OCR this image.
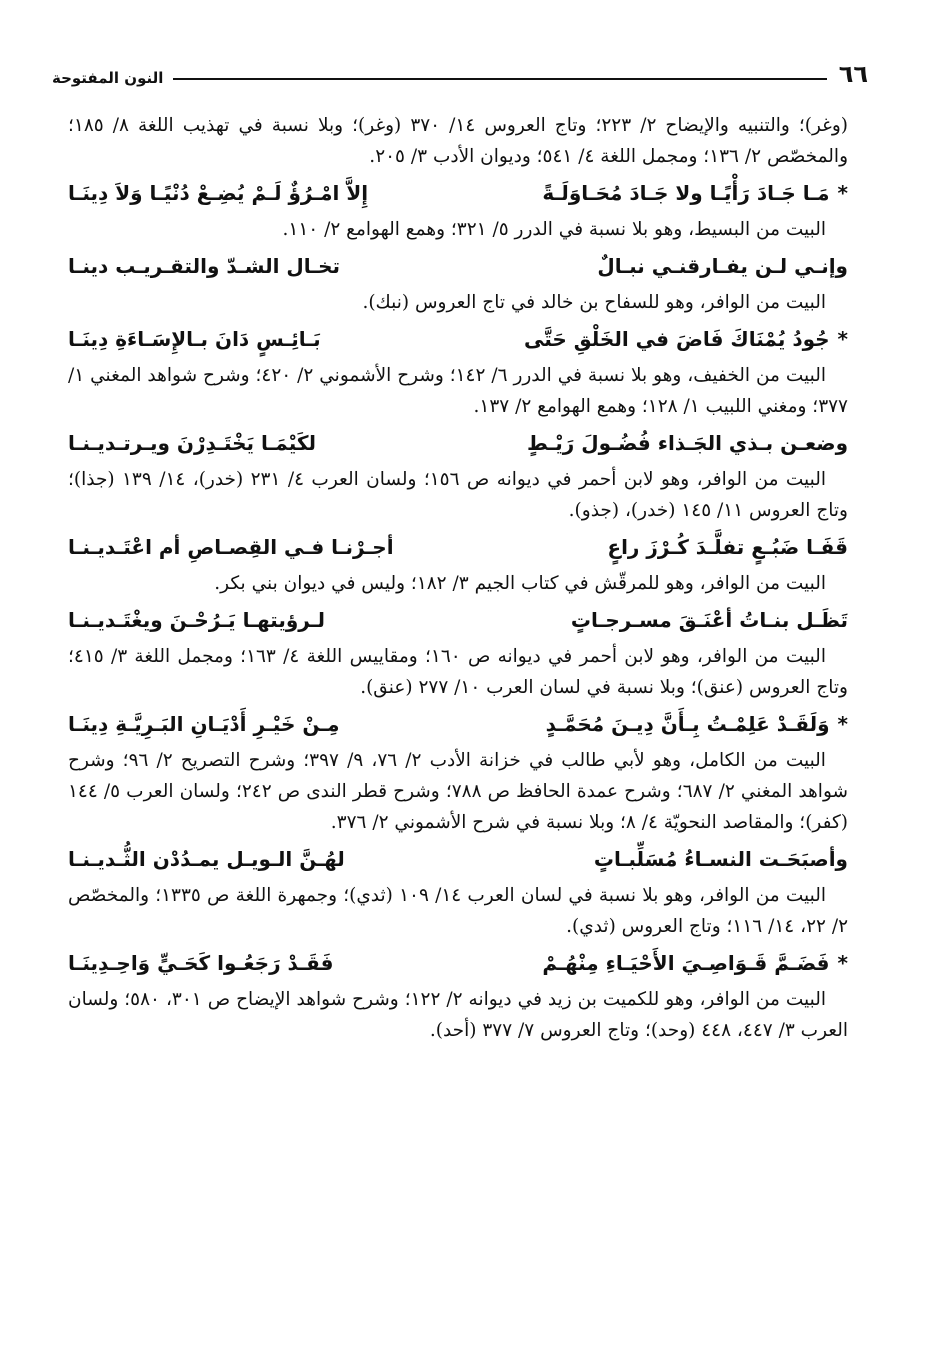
٦٦
النون المفتوحة

(وغر)؛ والتنبيه والإيضاح ٢/ ٢٢٣؛ وتاج العروس ١٤/ ٣٧٠ (وغر)؛ وبلا نسبة في تهذيب اللغة ٨/ ١٨٥؛ والمخصّص ٢/ ١٣٦؛ ومجمل اللغة ٤/ ٥٤١؛ وديوان الأدب ٣/ ٢٠٥.

*
مَـا جَـادَ رَأْيًـا ولا جَـادَ مُحَـاوَلَـةً
إِلاَّ امْـرُؤٌ لَـمْ يُضِـعْ دُنْيًـا وَلاَ دِينَـا

البيت من البسيط، وهو بلا نسبة في الدرر ٥/ ٣٢١؛ وهمع الهوامع ٢/ ١١٠.

وإنـي لـن يفـارقنـي نبـالٌ
تخـال الشـدّ والتقـريـب دينـا

البيت من الوافر، وهو للسفاح بن خالد في تاج العروس (نبك).

*
جُودُ يُمْنَاكَ فَاضَ في الخَلْقِ حَتَّى
بَـائِـسٍ دَانَ بـالإِسَـاءَةِ دِينَـا

البيت من الخفيف، وهو بلا نسبة في الدرر ٦/ ١٤٢؛ وشرح الأشموني ٢/ ٤٢٠؛ وشرح شواهد المغني ١/ ٣٧٧؛ ومغني اللبيب ١/ ١٢٨؛ وهمع الهوامع ٢/ ١٣٧.

وضعـن بـذي الجَـذاء فُضُـولَ رَيْـطٍ
لكَيْمَـا يَخْتَـدِرْنَ ويـرتـديـنـا

البيت من الوافر، وهو لابن أحمر في ديوانه ص ١٥٦؛ ولسان العرب ٤/ ٢٣١ (خدر)، ١٤/ ١٣٩ (جذا)؛ وتاج العروس ١١/ ١٤٥ (خدر)، (جذو).

قَفَـا ضَبُـعٍ تفلَّـدَ كُـرْزَ راعٍ
أجـرْنـا فـي القِصـاصِ أم اعْتَـديـنـا

البيت من الوافر، وهو للمرقّش في كتاب الجيم ٣/ ١٨٢؛ وليس في ديوان بني بكر.

تَظَـل بنـاتُ أعْنَـقَ مسـرجـاتٍ
لـرؤيتهـا يَـرُحْـنَ ويغْتَـديـنـا

البيت من الوافر، وهو لابن أحمر في ديوانه ص ١٦٠؛ ومقاييس اللغة ٤/ ١٦٣؛ ومجمل اللغة ٣/ ٤١٥؛ وتاج العروس (عنق)؛ وبلا نسبة في لسان العرب ١٠/ ٢٧٧ (عنق).

*
وَلَقَـدْ عَلِمْـتُ بِـأَنَّ دِيـنَ مُحَمَّـدٍ
مِـنْ خَيْـرِ أَدْيَـانِ البَـرِيَّـةِ دِينَـا

البيت من الكامل، وهو لأبي طالب في خزانة الأدب ٢/ ٧٦، ٩/ ٣٩٧؛ وشرح التصريح ٢/ ٩٦؛ وشرح شواهد المغني ٢/ ٦٨٧؛ وشرح عمدة الحافظ ص ٧٨٨؛ وشرح قطر الندى ص ٢٤٢؛ ولسان العرب ٥/ ١٤٤ (كفر)؛ والمقاصد النحويّة ٤/ ٨؛ وبلا نسبة في شرح الأشموني ٢/ ٣٧٦.

وأصبَحَـت النسـاءُ مُسَلِّبـاتٍ
لهُـنَّ الـويـل يمـدُدْن الثُّـديـنـا

البيت من الوافر، وهو بلا نسبة في لسان العرب ١٤/ ١٠٩ (ثدي)؛ وجمهرة اللغة ص ١٣٣٥؛ والمخصّص ٢/ ٢٢، ١٤/ ١١٦؛ وتاج العروس (ثدي).

*
فَضَـمَّ قَـوَاصِـيَ الأَحْيَـاءِ مِنْهُـمْ
فَقَـدْ رَجَعُـوا كَحَـيٍّ وَاحِـدِينَـا

البيت من الوافر، وهو للكميت بن زيد في ديوانه ٢/ ١٢٢؛ وشرح شواهد الإيضاح ص ٣٠١، ٥٨٠؛ ولسان العرب ٣/ ٤٤٧، ٤٤٨ (وحد)؛ وتاج العروس ٧/ ٣٧٧ (أحد).
